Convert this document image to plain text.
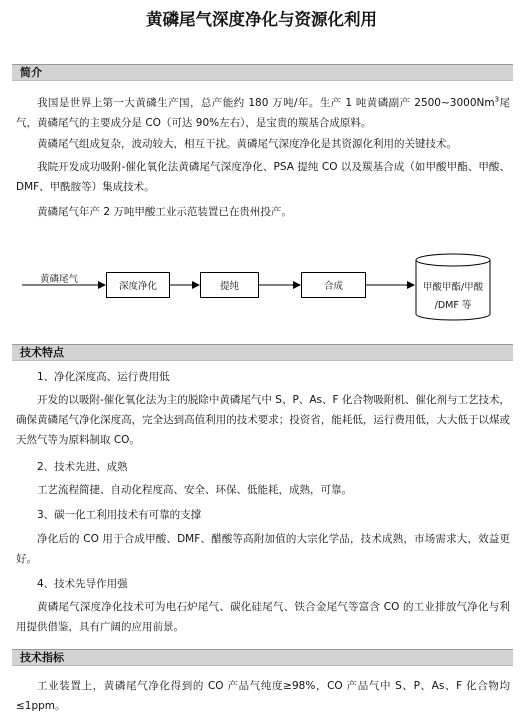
黄磷尾气深度净化与资源化利用
简介

我国是世界上第一大黄磷生产国，总产能约 180 万吨/年。生产 1 吨黄磷副产 2500~3000Nm$^3$尾气，黄磷尾气的主要成分是 CO（可达 90%左右），是宝贵的羰基合成原料。

黄磷尾气组成复杂，波动较大，相互干扰。黄磷尾气深度净化是其资源化利用的关键技术。

我院开发成功吸附-催化氧化法黄磷尾气深度净化、PSA 提纯 CO 以及羰基合成（如甲酸甲酯、甲酸、DMF、甲酰胺等）集成技术。

黄磷尾气年产 2 万吨甲酸工业示范装置已在贵州投产。

黄磷尾气
深度净化	提纯	合成	甲酸甲酯/甲酸
/DMF 等
技术特点

1、净化深度高、运行费用低

开发的以吸附-催化氧化法为主的脱除中黄磷尾气中 S、P、As、F 化合物吸附机、催化剂与工艺技术，确保黄磷尾气净化深度高，完全达到高值利用的技术要求；投资省，能耗低，运行费用低，大大低于以煤或天然气等为原料制取 CO。

2、技术先进、成熟

工艺流程简捷、自动化程度高、安全、环保、低能耗，成熟，可靠。

3、碳一化工利用技术有可靠的支撑

净化后的 CO 用于合成甲酸、DMF、醋酸等高附加值的大宗化学品，技术成熟，市场需求大，效益更好。

4、技术先导作用强

黄磷尾气深度净化技术可为电石炉尾气、碳化硅尾气、铁合金尾气等富含 CO 的工业排放气净化与利用提供借鉴，具有广阔的应用前景。

技术指标

工业装置上，黄磷尾气净化得到的 CO 产品气纯度≥98%，CO 产品气中 S、P、As、F 化合物均≤1ppm。
